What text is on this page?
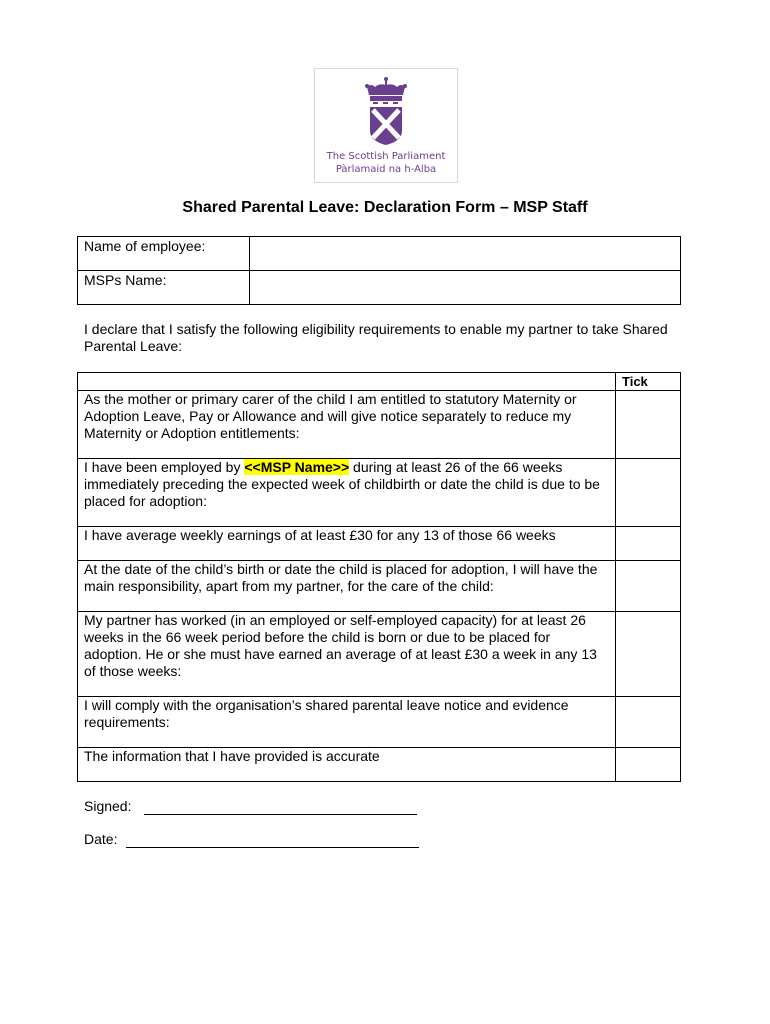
The Scottish Parliament
Pàrlamaid na h-Alba
Shared Parental Leave: Declaration Form – MSP Staff
Name of employee:	
MSPs Name:	
I declare that I satisfy the following eligibility requirements to enable my partner to take Shared Parental Leave:
	Tick
As the mother or primary carer of the child I am entitled to statutory Maternity or Adoption Leave, Pay or Allowance and will give notice separately to reduce my Maternity or Adoption entitlements:	
I have been employed by <<MSP Name>> during at least 26 of the 66 weeks immediately preceding the expected week of childbirth or date the child is due to be placed for adoption:	
I have average weekly earnings of at least £30 for any 13 of those 66 weeks	
At the date of the child’s birth or date the child is placed for adoption, I will have the main responsibility, apart from my partner, for the care of the child:	
My partner has worked (in an employed or self-employed capacity) for at least 26 weeks in the 66 week period before the child is born or due to be placed for adoption. He or she must have earned an average of at least £30 a week in any 13 of those weeks:	
I will comply with the organisation’s shared parental leave notice and evidence requirements:	
The information that I have provided is accurate	
Signed:
Date:
